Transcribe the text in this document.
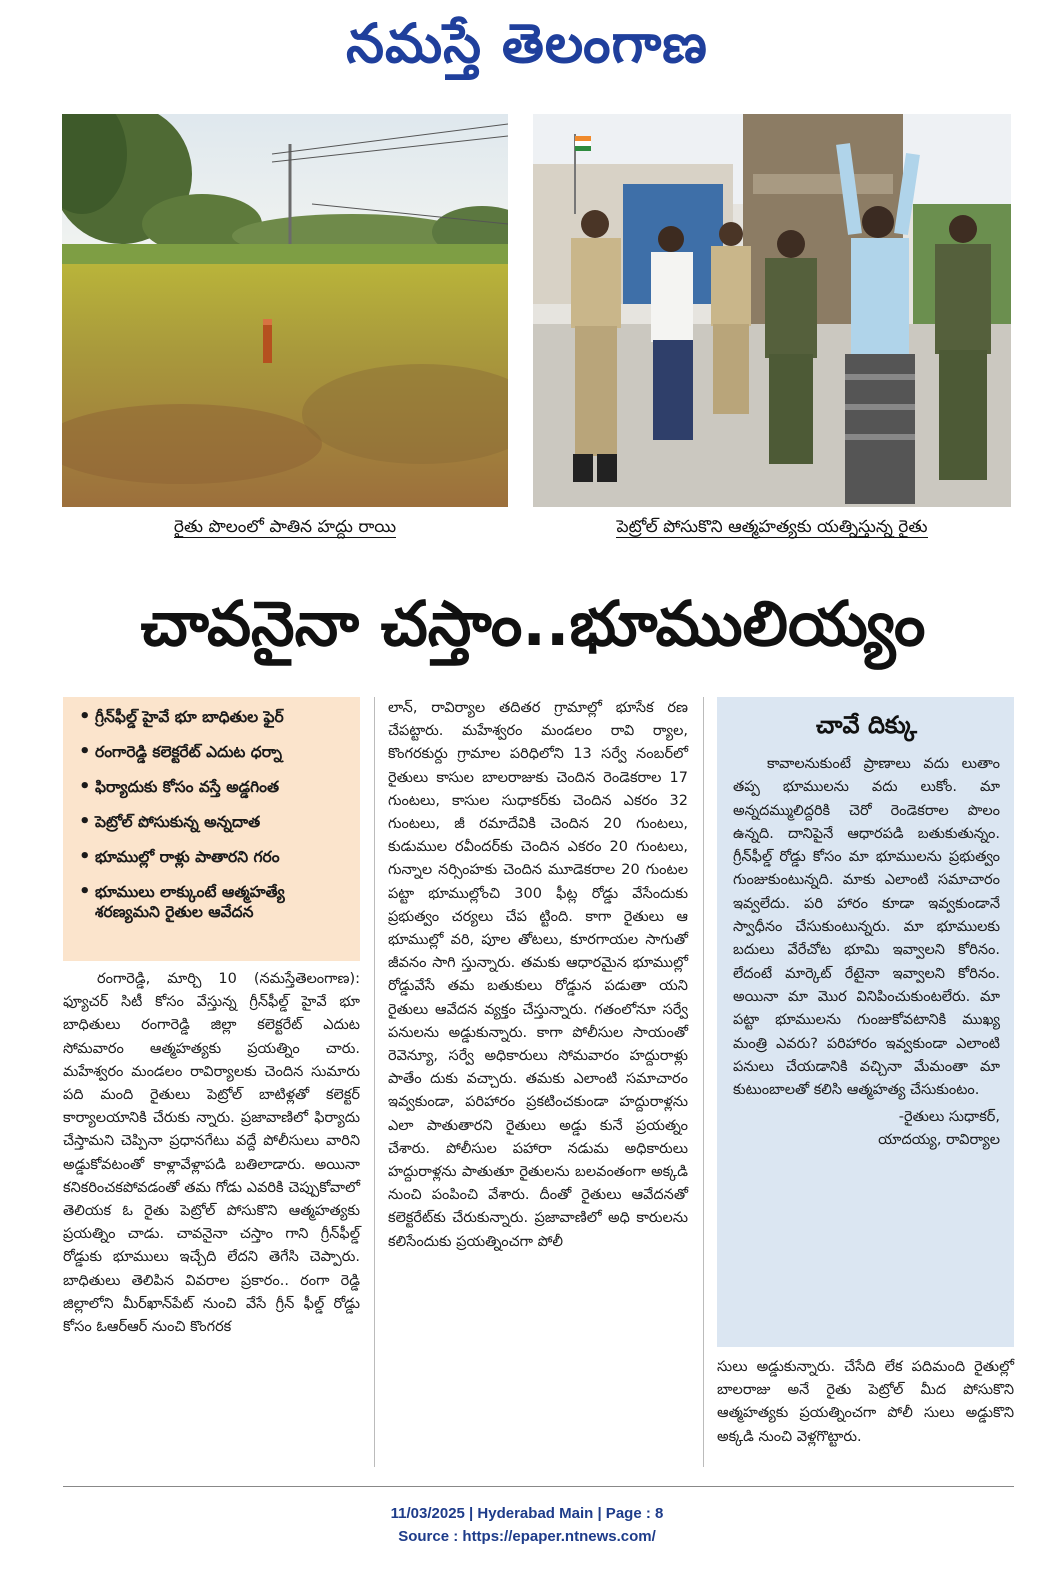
నమస్తే తెలంగాణ
రైతు పొలంలో పాతిన హద్దు రాయి	పెట్రోల్ పోసుకొని ఆత్మహత్యకు యత్నిస్తున్న రైతు
చావనైనా చస్తాం..భూములియ్యం
• గ్రీన్‌ఫీల్డ్ హైవే భూ బాధితుల ఫైర్
• రంగారెడ్డి కలెక్టరేట్ ఎదుట ధర్నా
• ఫిర్యాదుకు కోసం వస్తే అడ్డగింత
• పెట్రోల్ పోసుకున్న అన్నదాత
• భూముల్లో రాళ్లు పాతారని గరం
• భూములు లాక్కుంటే ఆత్మహత్యే శరణ్యమని రైతుల ఆవేదన

రంగారెడ్డి, మార్చి 10 (నమస్తేతెలంగాణ): ఫ్యూచర్ సిటీ కోసం వేస్తున్న గ్రీన్‌ఫీల్డ్ హైవే భూ బాధితులు రంగారెడ్డి జిల్లా కలెక్టరేట్ ఎదుట సోమవారం ఆత్మహత్యకు ప్రయత్నిం చారు. మహేశ్వరం మండలం రావిర్యాలకు చెందిన సుమారు పది మంది రైతులు పెట్రోల్ బాటిళ్లతో కలెక్టర్ కార్యాలయానికి చేరుకు న్నారు. ప్రజావాణిలో ఫిర్యాదు చేస్తామని చెప్పినా ప్రధానగేటు వద్దే పోలీసులు వారిని అడ్డుకోవటంతో కాళ్లావేళ్లాపడి బతిలాడారు. అయినా కనికరించకపోవడంతో తమ గోడు ఎవరికి చెప్పుకోవాలో తెలియక ఓ రైతు పెట్రోల్ పోసుకొని ఆత్మహత్యకు ప్రయత్నిం చాడు. చావనైనా చస్తాం గాని గ్రీన్‌ఫీల్డ్ రోడ్డుకు భూములు ఇచ్చేది లేదని తెగేసి చెప్పారు. బాధితులు తెలిపిన వివరాల ప్రకారం.. రంగా రెడ్డి జిల్లాలోని మీర్‌ఖాన్‌పేట్ నుంచి వేసే గ్రీన్ ఫీల్డ్ రోడ్డు కోసం ఓఆర్ఆర్ నుంచి కొంగరక

లాన్, రావిర్యాల తదితర గ్రామాల్లో భూసేక రణ చేపట్టారు. మహేశ్వరం మండలం రావి ర్యాల, కొంగరకుర్దు గ్రామాల పరిధిలోని 13 సర్వే నంబర్‌లో రైతులు కాసుల బాలరాజుకు చెందిన రెండెకరాల 17 గుంటలు, కాసుల సుధాకర్‌కు చెందిన ఎకరం 32 గుంటలు, జీ రమాదేవికి చెందిన 20 గుంటలు, కుడుముల రవీందర్‌కు చెందిన ఎకరం 20 గుంటలు, గున్నాల నర్సింహకు చెందిన మూడెకరాల 20 గుంటల పట్టా భూముల్లోంచి 300 ఫీట్ల రోడ్డు వేసేందుకు ప్రభుత్వం చర్యలు చేప ట్టింది. కాగా రైతులు ఆ భూముల్లో వరి, పూల తోటలు, కూరగాయల సాగుతో జీవనం సాగి స్తున్నారు. తమకు ఆధారమైన భూముల్లో రోడ్డువేసే తమ బతుకులు రోడ్డున పడుతా యని రైతులు ఆవేదన వ్యక్తం చేస్తున్నారు. గతంలోనూ సర్వే పనులను అడ్డుకున్నారు. కాగా పోలీసుల సాయంతో రెవెన్యూ, సర్వే అధికారులు సోమవారం హద్దురాళ్లు పాతేం దుకు వచ్చారు. తమకు ఎలాంటి సమాచారం ఇవ్వకుండా, పరిహారం ప్రకటించకుండా హద్దురాళ్లను ఎలా పాతుతారని రైతులు అడ్డు కునే ప్రయత్నం చేశారు. పోలీసుల పహారా నడుమ అధికారులు హద్దురాళ్లను పాతుతూ రైతులను బలవంతంగా అక్కడి నుంచి పంపించి వేశారు. దీంతో రైతులు ఆవేదనతో కలెక్టరేట్‌కు చేరుకున్నారు. ప్రజావాణిలో అధి కారులను కలిసేందుకు ప్రయత్నించగా పోలీ

చావే దిక్కు

కావాలనుకుంటే ప్రాణాలు వదు లుతాం తప్ప భూములను వదు లుకోం. మా అన్నదమ్ములిద్దరికి చెరో రెండెకరాల పొలం ఉన్నది. దానిపైనే ఆధారపడి బతుకుతున్నం. గ్రీన్‌ఫీల్డ్ రోడ్డు కోసం మా భూములను ప్రభుత్వం గుంజుకుంటున్నది. మాకు ఎలాంటి సమాచారం ఇవ్వలేదు. పరి హారం కూడా ఇవ్వకుండానే స్వాధీనం చేసుకుంటున్నరు. మా భూములకు బదులు వేరేచోట భూమి ఇవ్వాలని కోరినం. లేదంటే మార్కెట్ రేటైనా ఇవ్వాలని కోరినం. అయినా మా మొర వినిపించుకుంటలేరు. మా పట్టా భూములను గుంజుకోవటానికి ముఖ్య మంత్రి ఎవరు? పరిహారం ఇవ్వకుండా ఎలాంటి పనులు చేయడానికి వచ్చినా మేమంతా మా కుటుంబాలతో కలిసి ఆత్మహత్య చేసుకుంటం.

-రైతులు సుధాకర్,
యాదయ్య, రావిర్యాల

సులు అడ్డుకున్నారు. చేసేది లేక పదిమంది రైతుల్లో బాలరాజు అనే రైతు పెట్రోల్ మీద పోసుకొని ఆత్మహత్యకు ప్రయత్నించగా పోలీ సులు అడ్డుకొని అక్కడి నుంచి వెళ్లగొట్టారు.

11/03/2025 | Hyderabad Main | Page : 8
Source : https://epaper.ntnews.com/
